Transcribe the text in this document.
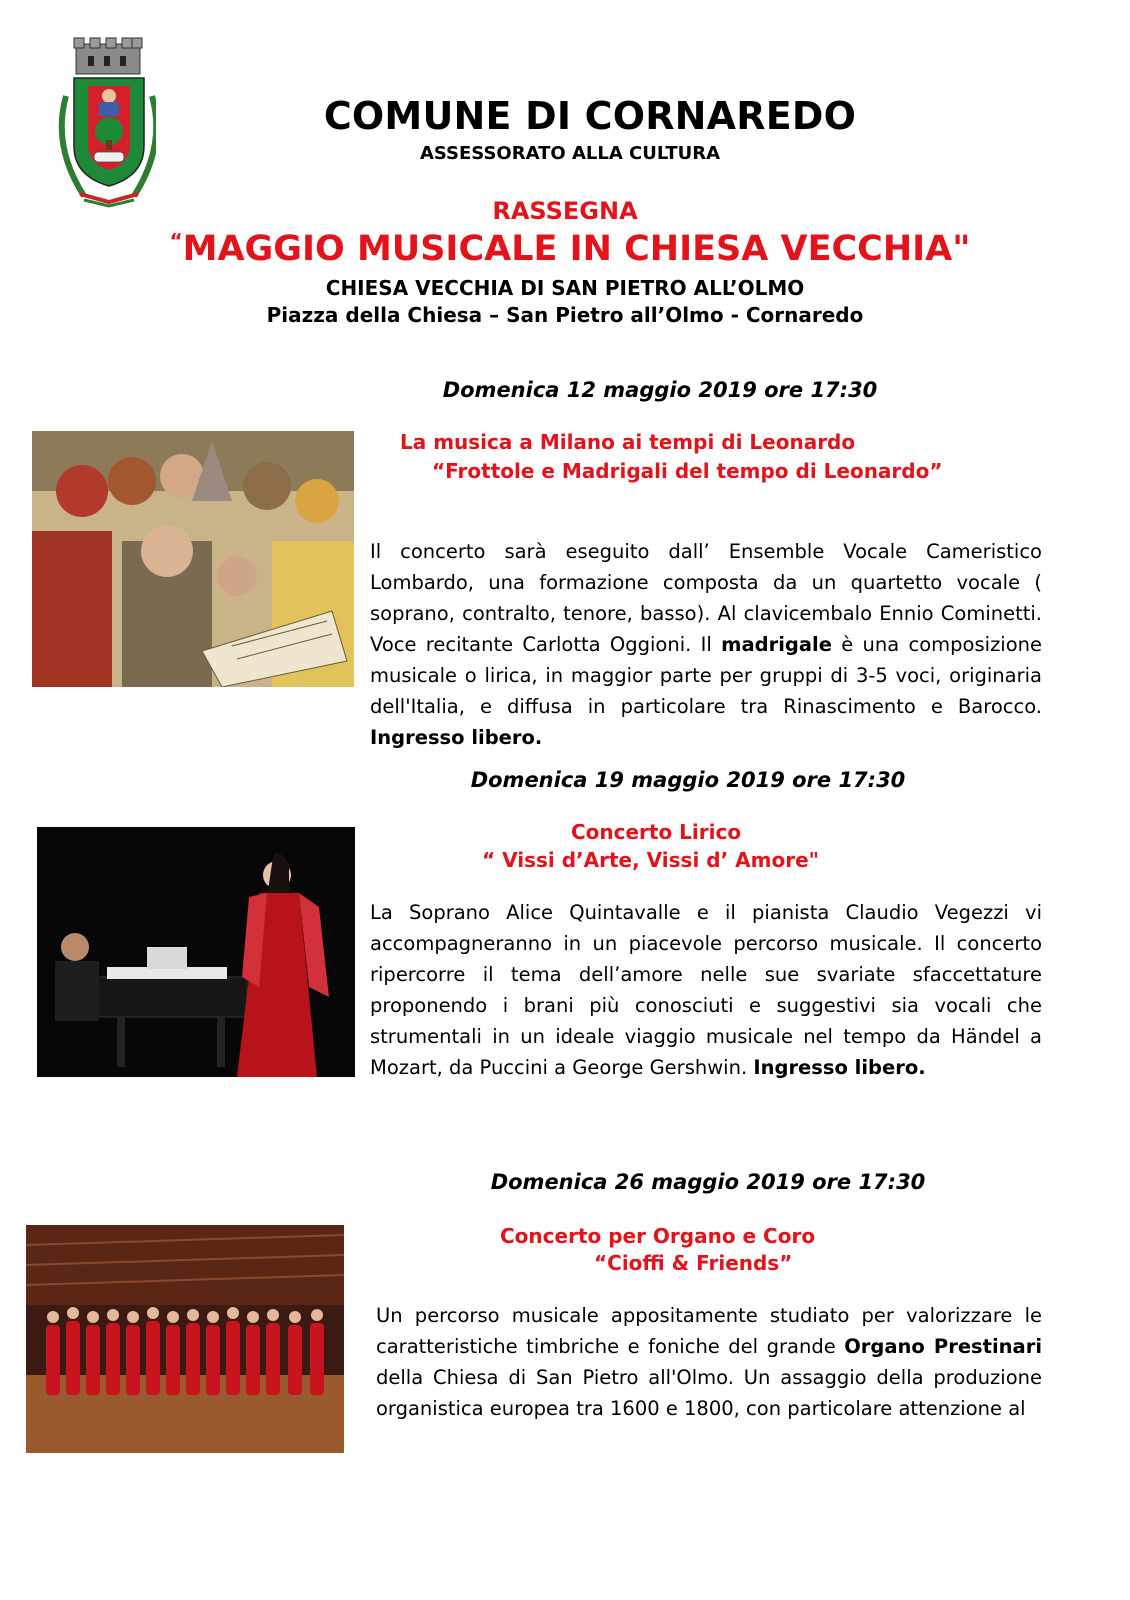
COMUNE DI CORNAREDO
ASSESSORATO ALLA CULTURA
RASSEGNA
“MAGGIO MUSICALE IN CHIESA VECCHIA"
CHIESA VECCHIA DI SAN PIETRO ALL’OLMO
Piazza della Chiesa – San Pietro all’Olmo - Cornaredo
Domenica 12 maggio 2019 ore 17:30
La musica a Milano ai tempi di Leonardo
“Frottole e Madrigali del tempo di Leonardo”
Il concerto sarà eseguito dall’ Ensemble Vocale Cameristico Lombardo, una formazione composta da un quartetto vocale ( soprano, contralto, tenore, basso). Al clavicembalo Ennio Cominetti. Voce recitante Carlotta Oggioni. Il madrigale è una composizione musicale o lirica, in maggior parte per gruppi di 3-5 voci, originaria dell'Italia, e diffusa in particolare tra Rinascimento e Barocco. Ingresso libero.
Domenica 19 maggio 2019 ore 17:30
Concerto Lirico
“ Vissi d’Arte, Vissi d’ Amore"
La Soprano Alice Quintavalle e il pianista Claudio Vegezzi vi accompagneranno in un piacevole percorso musicale. Il concerto ripercorre il tema dell’amore nelle sue svariate sfaccettature proponendo i brani più conosciuti e suggestivi sia vocali che strumentali in un ideale viaggio musicale nel tempo da Händel a Mozart, da Puccini a George Gershwin. Ingresso libero.
Domenica 26 maggio 2019 ore 17:30
Concerto per Organo e Coro
“Cioffi & Friends”
Un percorso musicale appositamente studiato per valorizzare le caratteristiche timbriche e foniche del grande Organo Prestinari della Chiesa di San Pietro all'Olmo. Un assaggio della produzione organistica europea tra 1600 e 1800, con particolare attenzione al
